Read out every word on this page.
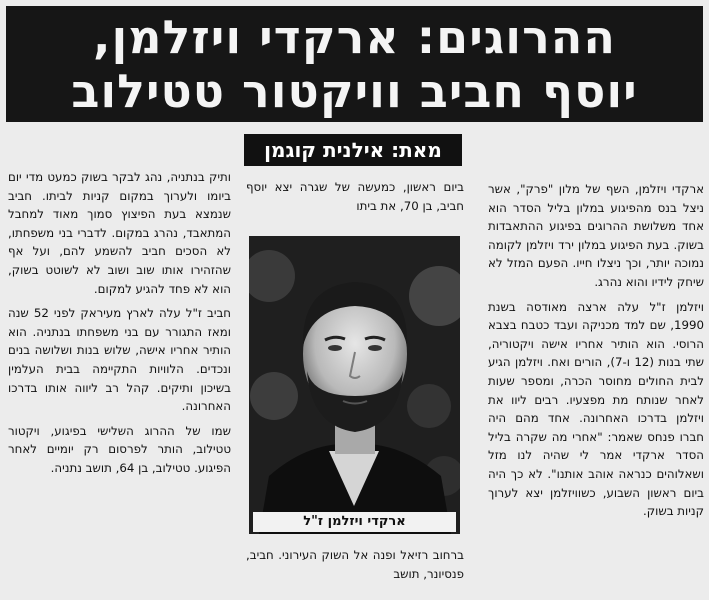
ההרוגים: ארקדי ויזלמן,
יוסף חביב וויקטור טטילוב
מאת: אילנית קוגמן

ארקדי ויזלמן, השף של מלון "פרק", אשר ניצל בנס מהפיגוע במלון בליל הסדר הוא אחד משלושת ההרוגים בפיגוע ההתאבדות בשוק. בעת הפיגוע במלון ירד ויזלמן לקומה נמוכה יותר, וכך ניצלו חייו. הפעם המזל לא שיחק לידיו והוא נהרג.

ויזלמן ז"ל עלה ארצה מאודסה בשנת 1990, שם למד מכניקה ועבד כטבח בצבא הרוסי. הוא הותיר אחריו אישה ויקטוריה, שתי בנות (12 ו-7), הורים ואח. ויזלמן הגיע לבית החולים מחוסר הכרה, ומספר שעות לאחר שנותח מת מפצעיו. רבים ליוו את ויזלמן בדרכו האחרונה. אחד מהם היה חברו פנחס שאמר: "אחרי מה שקרה בליל הסדר ארקדי אמר לי שהיה לנו מזל ושאלוהים כנראה אוהב אותנו". לא כך היה ביום ראשון השבוע, כשוויזלמן יצא לערוך קניות בשוק.

ביום ראשון, כמעשה של שגרה יצא יוסף חביב, בן 70, את ביתו
ארקדי ויזלמן ז"ל
ברחוב רזיאל ופנה אל השוק העירוני. חביב, פנסיונר, תושב

ותיק בנתניה, נהג לבקר בשוק כמעט מדי יום ביומו ולערוך במקום קניות לביתו. חביב שנמצא בעת הפיצוץ סמוך מאוד למחבל המתאבד, נהרג במקום. לדברי בני משפחתו, לא הסכים חביב להשמע להם, ועל אף שהזהירו אותו שוב ושוב לא לשוטט בשוק, הוא לא פחד להגיע למקום.

חביב ז"ל עלה לארץ מעיראק לפני 52 שנה ומאז התגורר עם בני משפחתו בנתניה. הוא הותיר אחריו אישה, שלוש בנות ושלושה בנים ונכדים. הלוויות התקיימה בבית העלמין בשיכון ותיקים. קהל רב ליווה אותו בדרכו האחרונה.

שמו של ההרוג השלישי בפיגוע, ויקטור טטילוב, הותר לפרסום רק יומיים לאחר הפיגוע. טטילוב, בן 64, תושב נתניה.
